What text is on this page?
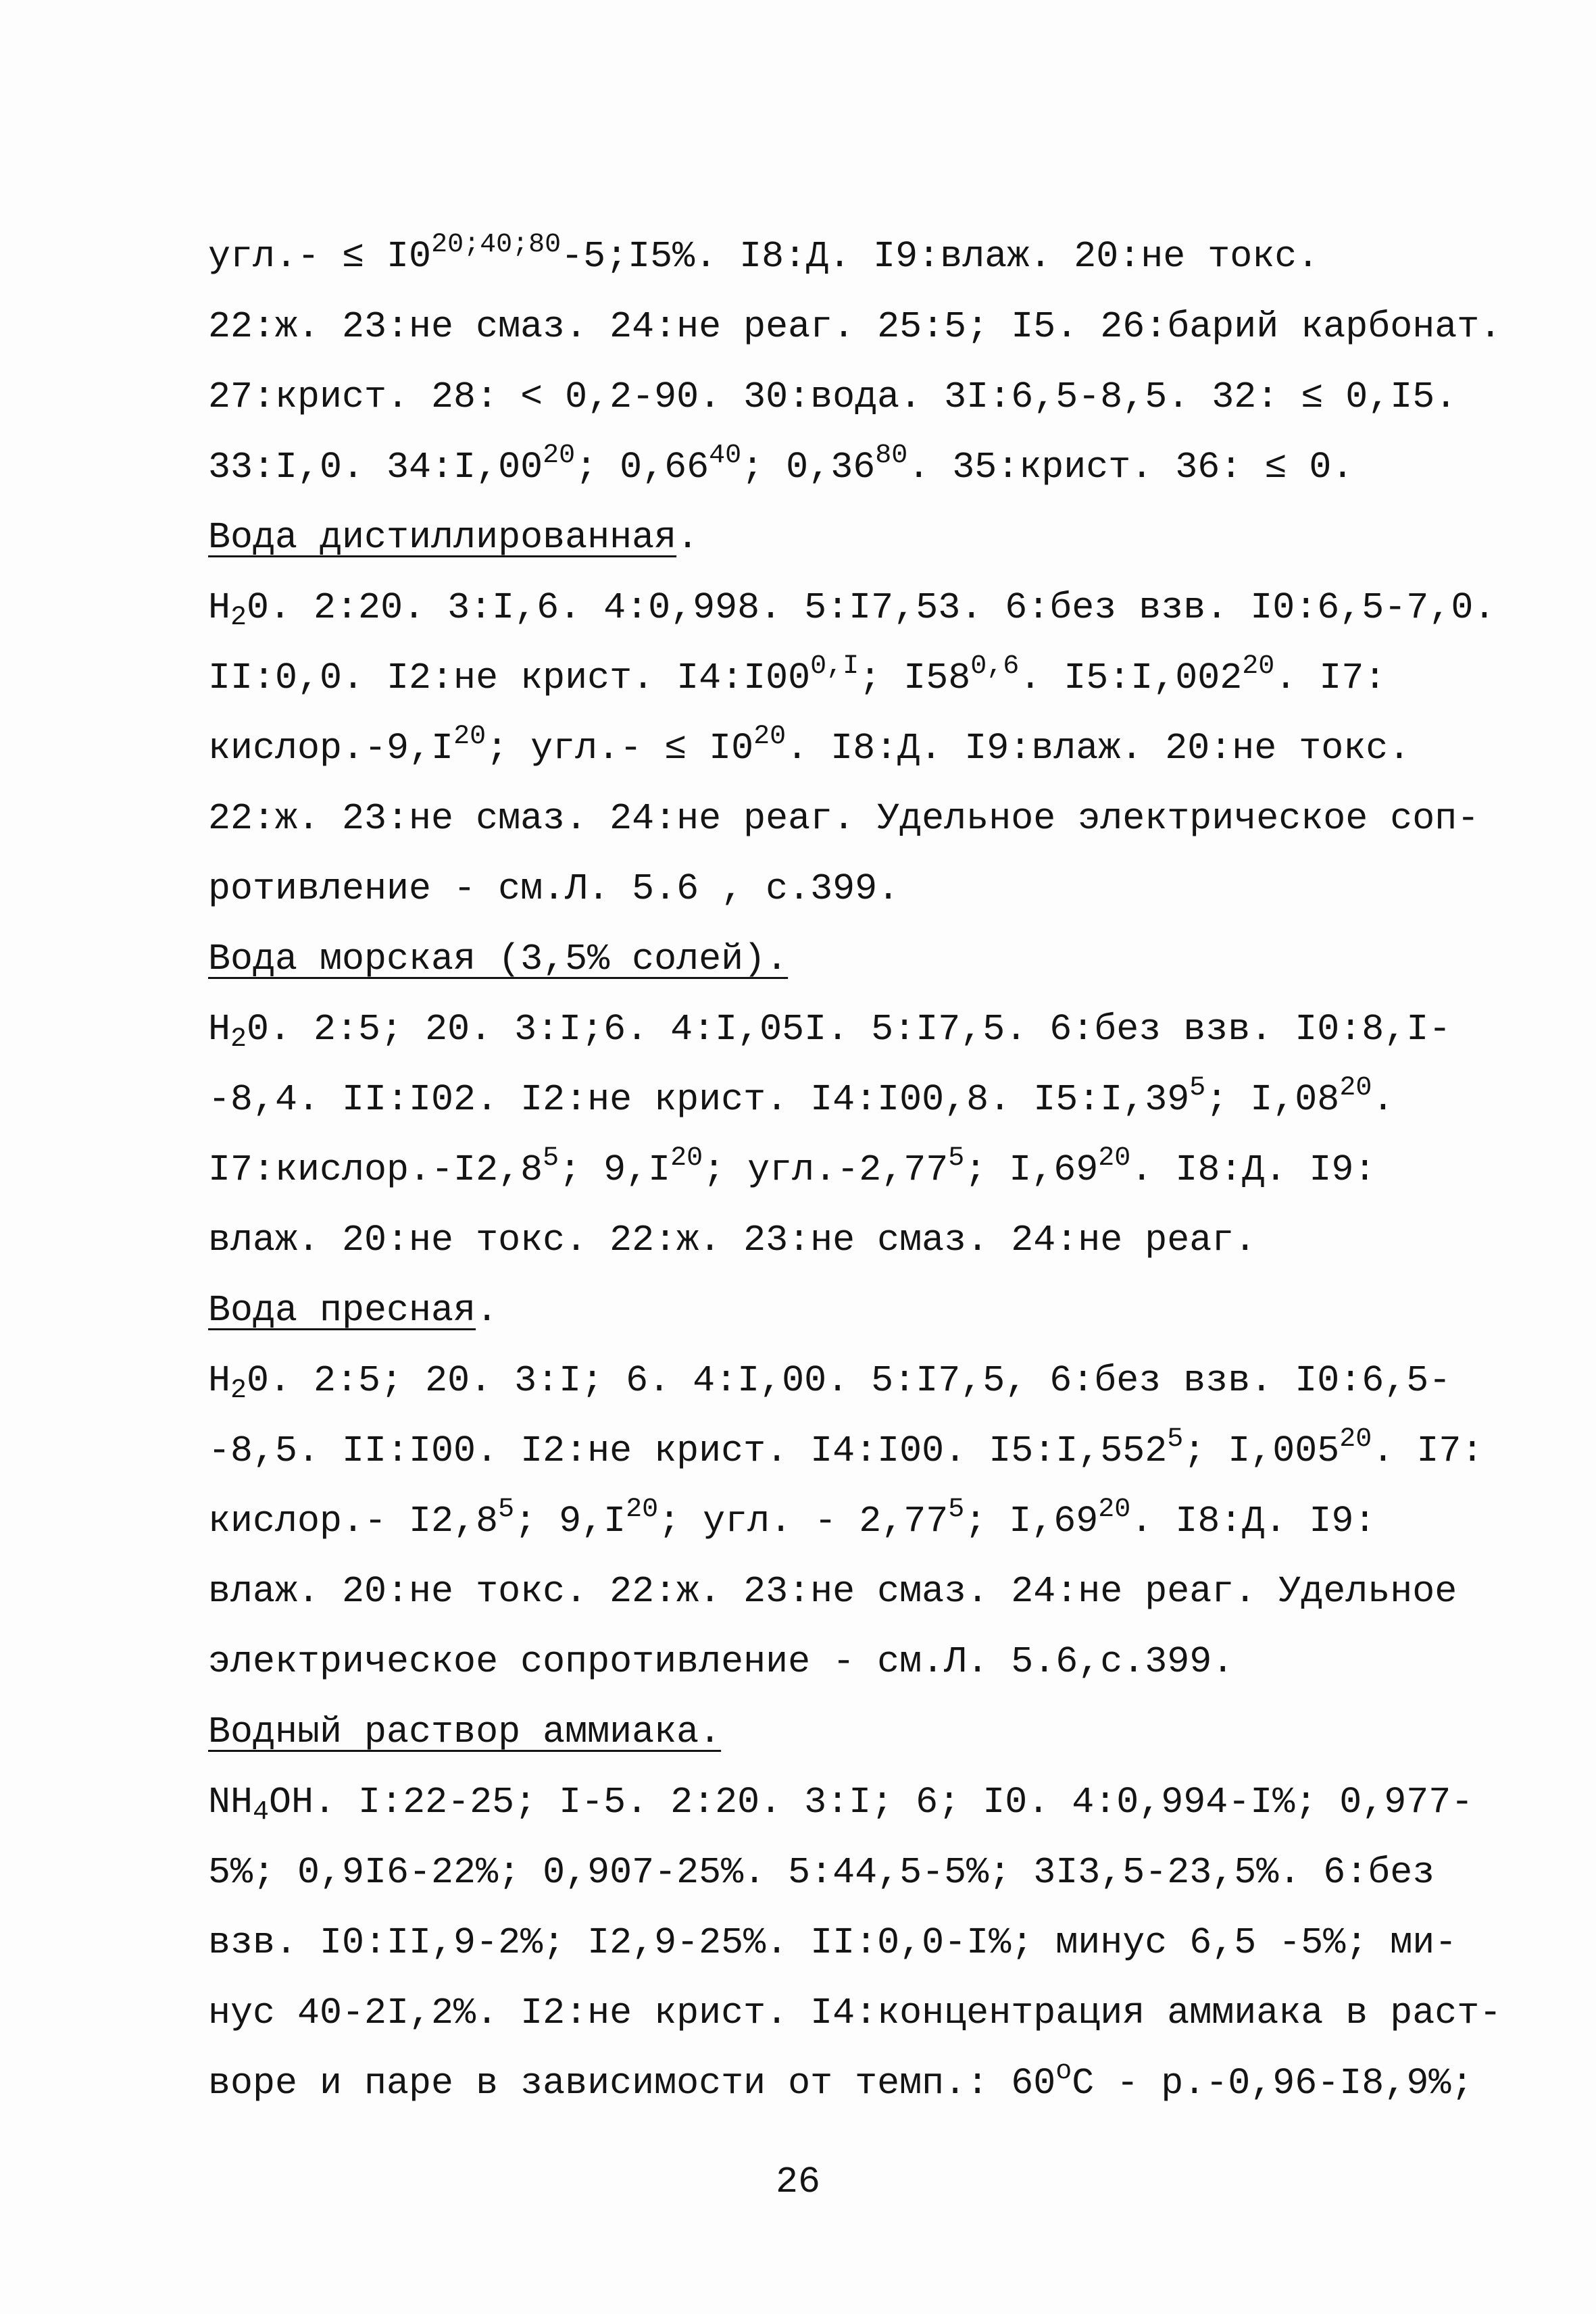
$угл.- \le I0^{20;40;80}-5;I5\%$. I8:Д. I9:влаж. 20:не токс.
22:ж. 23:не смаз. 24:не реаг. 25:5; I5. 26:барий карбонат.
27:крист. 28: < 0,2-90. 30:вода. 3I:6,5-8,5. 32: ≤ 0,I5.
33:I,0. $34:I,00^{20}$; 0,66$^{40}$; 0,36$^{80}$. 35:крист. 36: ≤ 0.
Вода дистиллированная.
$H_20$. 2:20. 3:I,6. 4:0,998. 5:I7,53. 6:без взв. I0:6,5-7,0.
II:0,0. I2:не крист. $I4:I00^{0,I}$; I58$^{0,6}$. I5:I,002$^{20}$. I7:
$кислор.-9,I^{20}$; $угл.- \le I0^{20}$. I8:Д. I9:влаж. 20:не токс.
22:ж. 23:не смаз. 24:не реаг. Удельное электрическое соп-
ротивление - см.Л. 5.6 , с.399.
Вода морская (3,5% солей).
$H_20$. 2:5; 20. 3:I;6. 4:I,05I. 5:I7,5. 6:без взв. I0:8,I-
-8,4. II:I02. I2:не крист. I4:I00,8. $I5:I,39^5$; $I,08^{20}$.
$I7:кислор.-I2,8^5$; $9,I^{20}$; угл.-2,77$^5$; $I,69^{20}$. I8:Д. I9:
влаж. 20:не токс. 22:ж. 23:не смаз. 24:не реаг.
Вода пресная.
$H_20$. 2:5; 20. 3:I; 6. 4:I,00. 5:I7,5, 6:без взв. I0:6,5-
-8,5. II:I00. I2:не крист. I4:I00. I5:I,552$^5$; I,005$^{20}$. I7:
кислор.- $I2,8^5$; $9,I^{20}$; угл. - 2,77$^5$; $I,69^{20}$. I8:Д. I9:
влаж. 20:не токс. 22:ж. 23:не смаз. 24:не реаг. Удельное
электрическое сопротивление - см.Л. 5.6,с.399.
Водный раствор аммиака.
$NH_4OH$. I:22-25; I-5. 2:20. 3:I; 6; I0. 4:0,994-I%; 0,977-
5%; 0,9I6-22%; 0,907-25%. 5:44,5-5%; 3I3,5-23,5%. 6:без
взв. I0:II,9-2%; I2,9-25%. II:0,0-I%; минус 6,5 -5%; ми-
нус 40-2I,2%. I2:не крист. I4:концентрация аммиака в раст-
воре и паре в зависимости от темп.: 60$^o$C - р.-0,96-I8,9%;
26
